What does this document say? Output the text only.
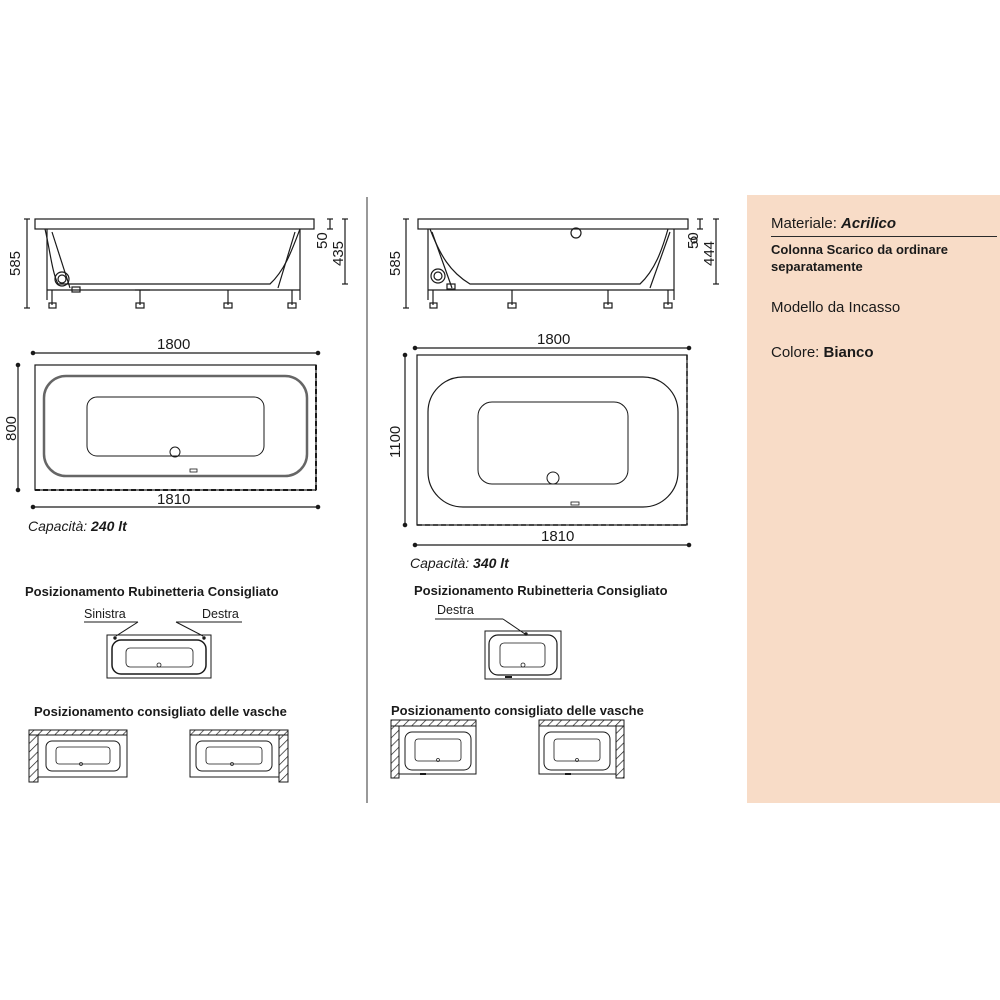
585
50
435
1800
800
1810
Capacità: 240 lt
Posizionamento Rubinetteria Consigliato
Sinistra	Destra
Posizionamento consigliato delle vasche
585
50
444
1800
1100
1810
Capacità: 340 lt
Posizionamento Rubinetteria Consigliato
Destra
Posizionamento consigliato delle vasche
Materiale: Acrilico
Colonna Scarico da ordinare
separatamente
Modello da Incasso
Colore: Bianco
